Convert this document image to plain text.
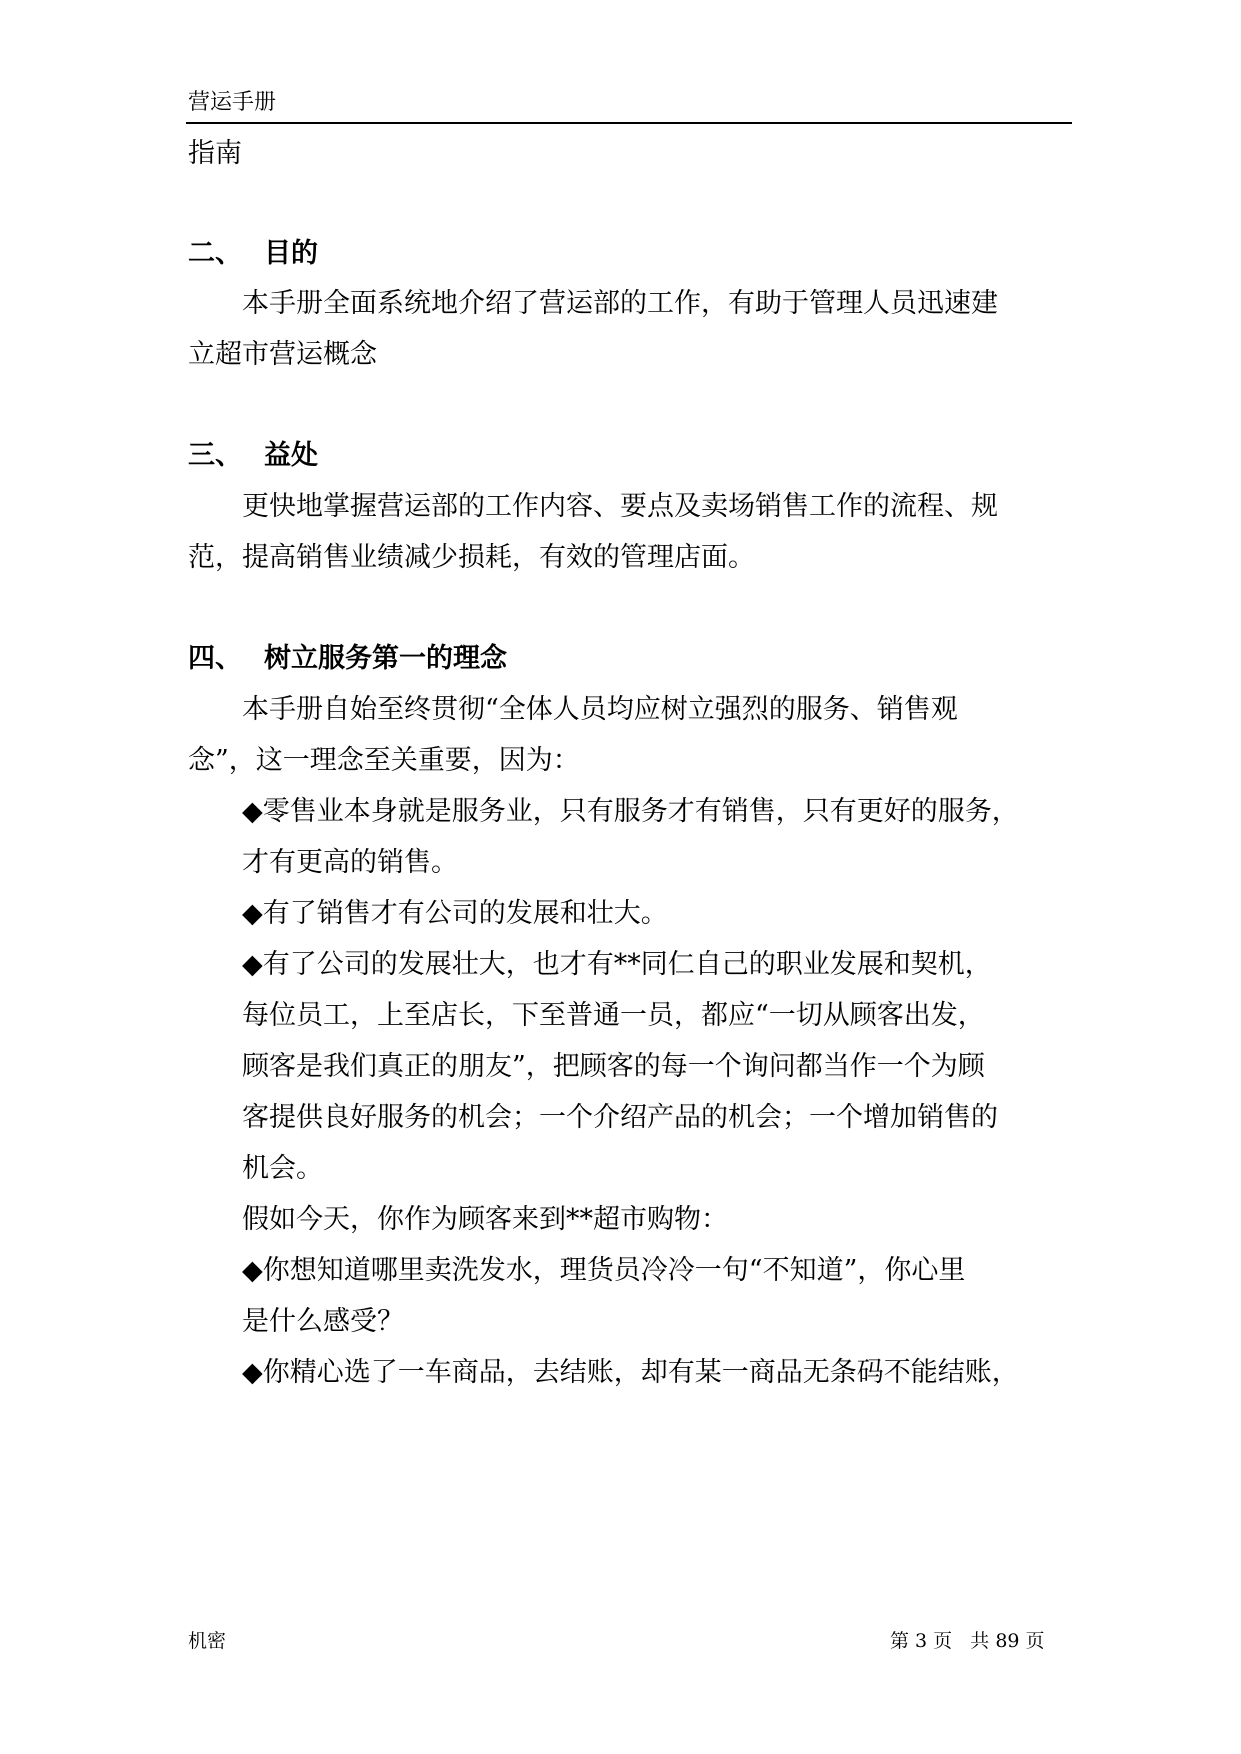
营运手册
指南
二、 目的
本手册全面系统地介绍了营运部的工作，有助于管理人员迅速建
立超市营运概念
三、 益处
更快地掌握营运部的工作内容、要点及卖场销售工作的流程、规
范，提高销售业绩减少损耗，有效的管理店面。
四、 树立服务第一的理念
本手册自始至终贯彻“全体人员均应树立强烈的服务、销售观
念”，这一理念至关重要，因为：
◆零售业本身就是服务业，只有服务才有销售，只有更好的服务，
才有更高的销售。
◆有了销售才有公司的发展和壮大。
◆有了公司的发展壮大，也才有**同仁自己的职业发展和契机，
每位员工，上至店长，下至普通一员，都应“一切从顾客出发，
顾客是我们真正的朋友”，把顾客的每一个询问都当作一个为顾
客提供良好服务的机会；一个介绍产品的机会；一个增加销售的
机会。
假如今天，你作为顾客来到**超市购物：
◆你想知道哪里卖洗发水，理货员冷冷一句“不知道”，你心里
是什么感受？
◆你精心选了一车商品，去结账，却有某一商品无条码不能结账，
机密	第 3 页   共 89 页
